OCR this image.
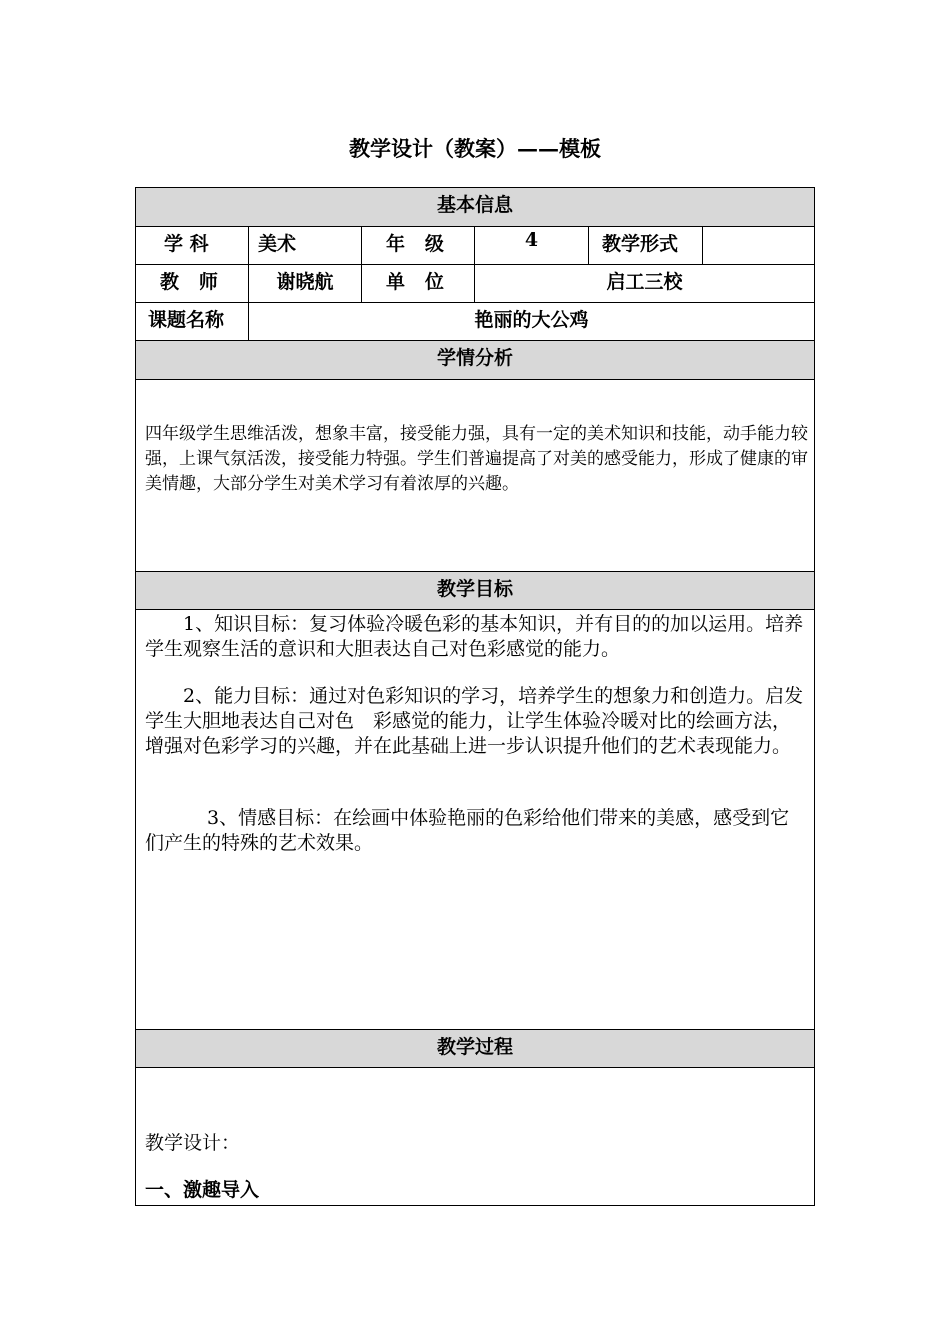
教学设计（教案）——模板
基本信息
学 科	美术	年   级	4	教学形式
教   师	谢晓航	单   位	启工三校
课题名称	艳丽的大公鸡
学情分析
四年级学生思维活泼，想象丰富，接受能力强，具有一定的美术知识和技能，动手能力较强，上课气氛活泼，接受能力特强。学生们普遍提高了对美的感受能力，形成了健康的审美情趣，大部分学生对美术学习有着浓厚的兴趣。
教学目标

1、知识目标：复习体验冷暖色彩的基本知识，并有目的的加以运用。培养学生观察生活的意识和大胆表达自己对色彩感觉的能力。

2、能力目标：通过对色彩知识的学习，培养学生的想象力和创造力。启发学生大胆地表达自己对色　彩感觉的能力，让学生体验冷暖对比的绘画方法，增强对色彩学习的兴趣，并在此基础上进一步认识提升他们的艺术表现能力。

3、情感目标：在绘画中体验艳丽的色彩给他们带来的美感，感受到它们产生的特殊的艺术效果。

教学过程
教学设计：
一、激趣导入
